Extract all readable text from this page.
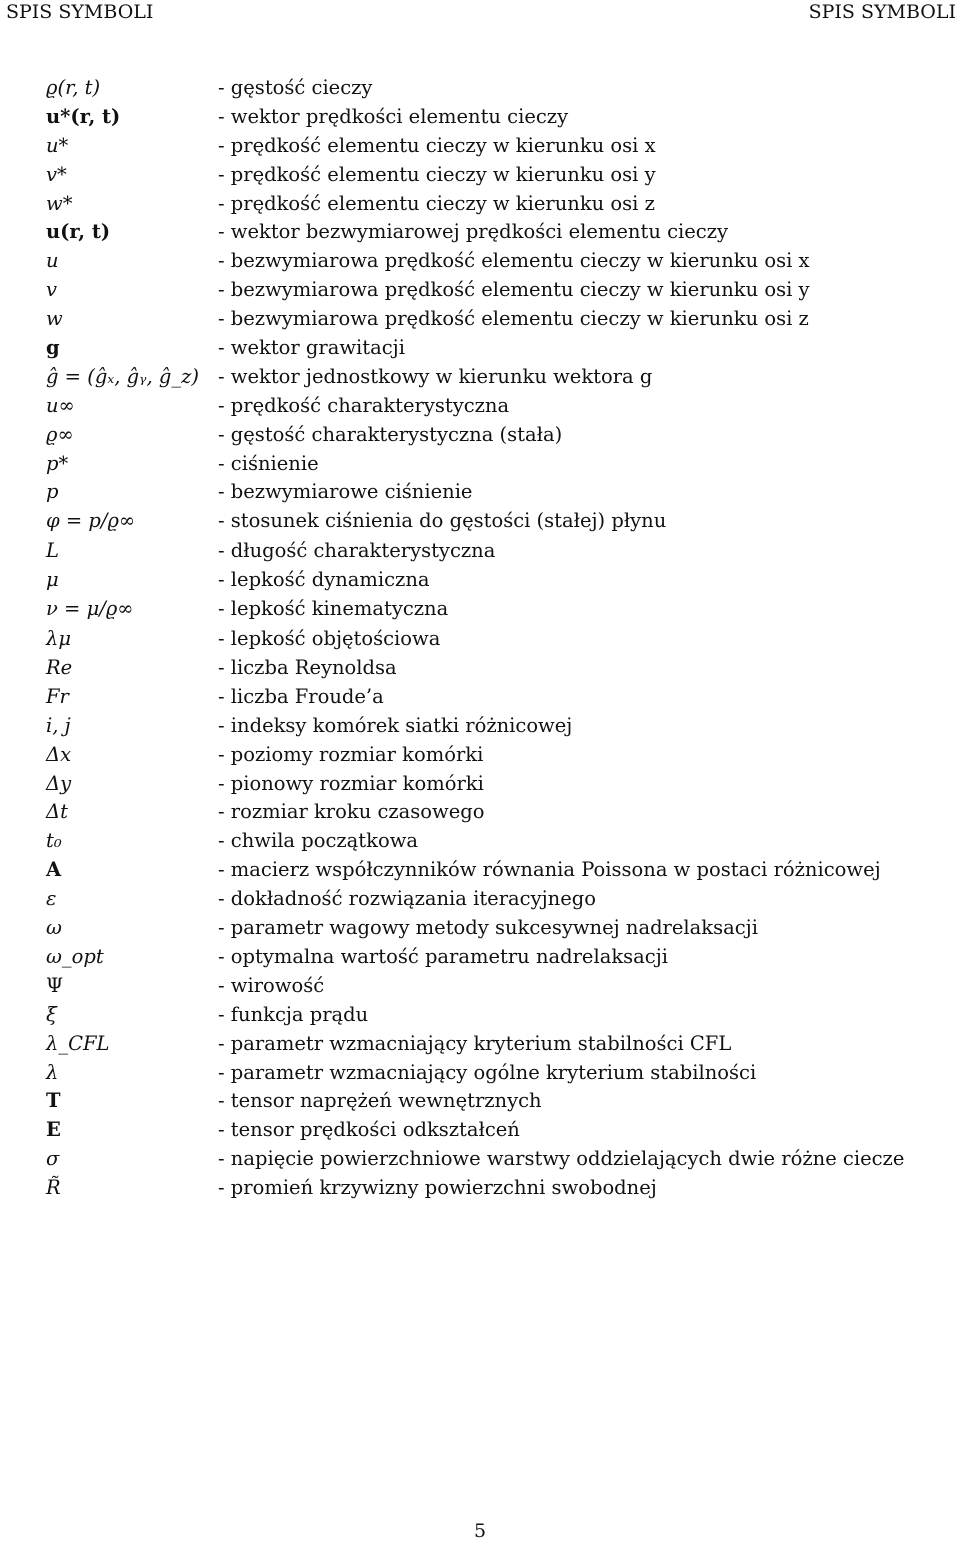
SPIS SYMBOLI	SPIS SYMBOLI
ϱ(r, t)	- gęstość cieczy
u*(r, t)	- wektor prędkości elementu cieczy
u*	- prędkość elementu cieczy w kierunku osi x
v*	- prędkość elementu cieczy w kierunku osi y
w*	- prędkość elementu cieczy w kierunku osi z
u(r, t)	- wektor bezwymiarowej prędkości elementu cieczy
u	- bezwymiarowa prędkość elementu cieczy w kierunku osi x
v	- bezwymiarowa prędkość elementu cieczy w kierunku osi y
w	- bezwymiarowa prędkość elementu cieczy w kierunku osi z
g	- wektor grawitacji
ĝ = (ĝₓ, ĝᵧ, ĝ_z) - wektor jednostkowy w kierunku wektora g
u∞	- prędkość charakterystyczna
ϱ∞	- gęstość charakterystyczna (stała)
p*	- ciśnienie
p	- bezwymiarowe ciśnienie
φ = p/ϱ∞	- stosunek ciśnienia do gęstości (stałej) płynu
L	- długość charakterystyczna
μ	- lepkość dynamiczna
ν = μ/ϱ∞	- lepkość kinematyczna
λμ	- lepkość objętościowa
Re	- liczba Reynoldsa
Fr	- liczba Froude’a
i, j	- indeksy komórek siatki różnicowej
Δx	- poziomy rozmiar komórki
Δy	- pionowy rozmiar komórki
Δt	- rozmiar kroku czasowego
t₀	- chwila początkowa
A	- macierz współczynników równania Poissona w postaci różnicowej
ε	- dokładność rozwiązania iteracyjnego
ω	- parametr wagowy metody sukcesywnej nadrelaksacji
ω_opt	- optymalna wartość parametru nadrelaksacji
Ψ	- wirowość
ξ	- funkcja prądu
λ_CFL	- parametr wzmacniający kryterium stabilności CFL
λ	- parametr wzmacniający ogólne kryterium stabilności
T	- tensor naprężeń wewnętrznych
E	- tensor prędkości odkształceń
σ	- napięcie powierzchniowe warstwy oddzielających dwie różne ciecze
R̃	- promień krzywizny powierzchni swobodnej
5
